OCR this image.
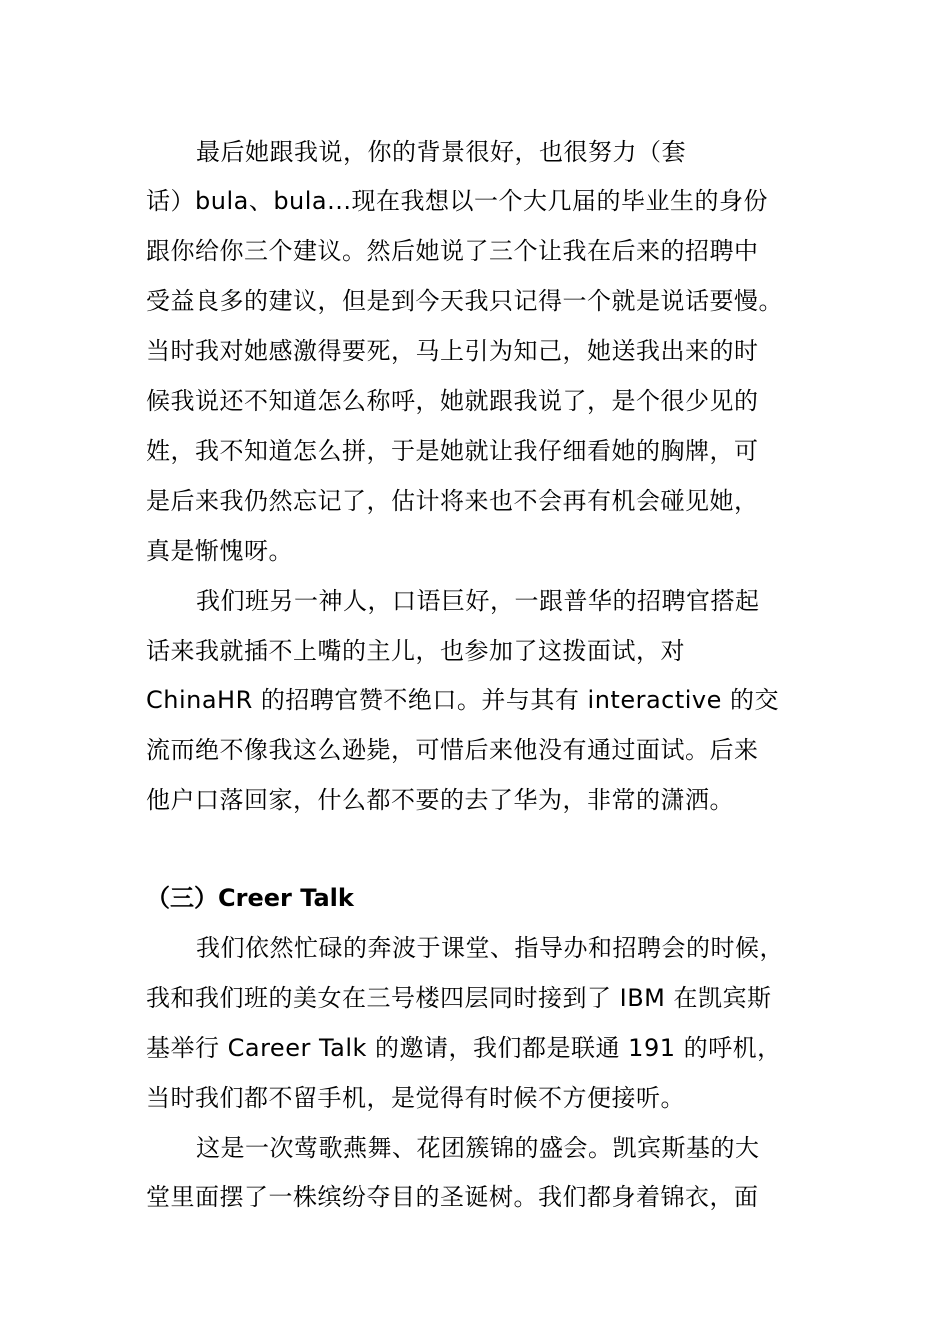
最后她跟我说，你的背景很好，也很努力（套
话）bula、bula...现在我想以一个大几届的毕业生的身份
跟你给你三个建议。然后她说了三个让我在后来的招聘中
受益良多的建议，但是到今天我只记得一个就是说话要慢。
当时我对她感激得要死，马上引为知己，她送我出来的时
候我说还不知道怎么称呼，她就跟我说了，是个很少见的
姓，我不知道怎么拼，于是她就让我仔细看她的胸牌，可
是后来我仍然忘记了，估计将来也不会再有机会碰见她，
真是惭愧呀。
我们班另一神人，口语巨好，一跟普华的招聘官搭起
话来我就插不上嘴的主儿，也参加了这拨面试，对
ChinaHR 的招聘官赞不绝口。并与其有 interactive 的交
流而绝不像我这么逊毙，可惜后来他没有通过面试。后来
他户口落回家，什么都不要的去了华为，非常的潇洒。
（三）Creer Talk
我们依然忙碌的奔波于课堂、指导办和招聘会的时候，
我和我们班的美女在三号楼四层同时接到了 IBM 在凯宾斯
基举行 Career Talk 的邀请，我们都是联通 191 的呼机，
当时我们都不留手机，是觉得有时候不方便接听。
这是一次莺歌燕舞、花团簇锦的盛会。凯宾斯基的大
堂里面摆了一株缤纷夺目的圣诞树。我们都身着锦衣，面
